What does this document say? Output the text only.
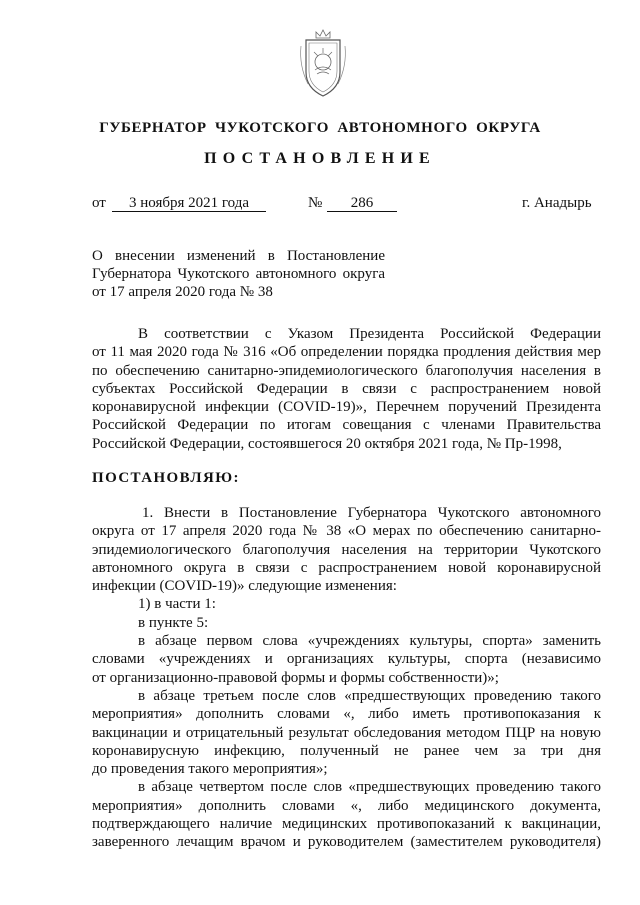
ГУБЕРНАТОР ЧУКОТСКОГО АВТОНОМНОГО ОКРУГА
ПОСТАНОВЛЕНИЕ
от	3 ноября 2021 года	№	286	г. Анадырь
О внесении изменений в Постановление
Губернатора Чукотского автономного округа
от 17 апреля 2020 года № 38
В соответствии с Указом Президента Российской Федерации
от 11 мая 2020 года № 316 «Об определении порядка продления действия мер
по обеспечению санитарно-эпидемиологического благополучия населения в
субъектах Российской Федерации в связи с распространением новой
коронавирусной инфекции (COVID-19)», Перечнем поручений Президента
Российской Федерации по итогам совещания с членами Правительства
Российской Федерации, состоявшегося 20 октября 2021 года, № Пр-1998,
ПОСТАНОВЛЯЮ:
1. Внести в Постановление Губернатора Чукотского автономного
округа от 17 апреля 2020 года № 38 «О мерах по обеспечению санитарно-
эпидемиологического благополучия населения на территории Чукотского
автономного округа в связи с распространением новой коронавирусной
инфекции (COVID-19)» следующие изменения:
1) в части 1:
в пункте 5:
в абзаце первом слова «учреждениях культуры, спорта» заменить
словами «учреждениях и организациях культуры, спорта (независимо
от организационно-правовой формы и формы собственности)»;
в абзаце третьем после слов «предшествующих проведению такого
мероприятия» дополнить словами «, либо иметь противопоказания к
вакцинации и отрицательный результат обследования методом ПЦР на новую
коронавирусную инфекцию, полученный не ранее чем за три дня
до проведения такого мероприятия»;
в абзаце четвертом после слов «предшествующих проведению такого
мероприятия» дополнить словами «, либо медицинского документа,
подтверждающего наличие медицинских противопоказаний к вакцинации,
заверенного лечащим врачом и руководителем (заместителем руководителя)
